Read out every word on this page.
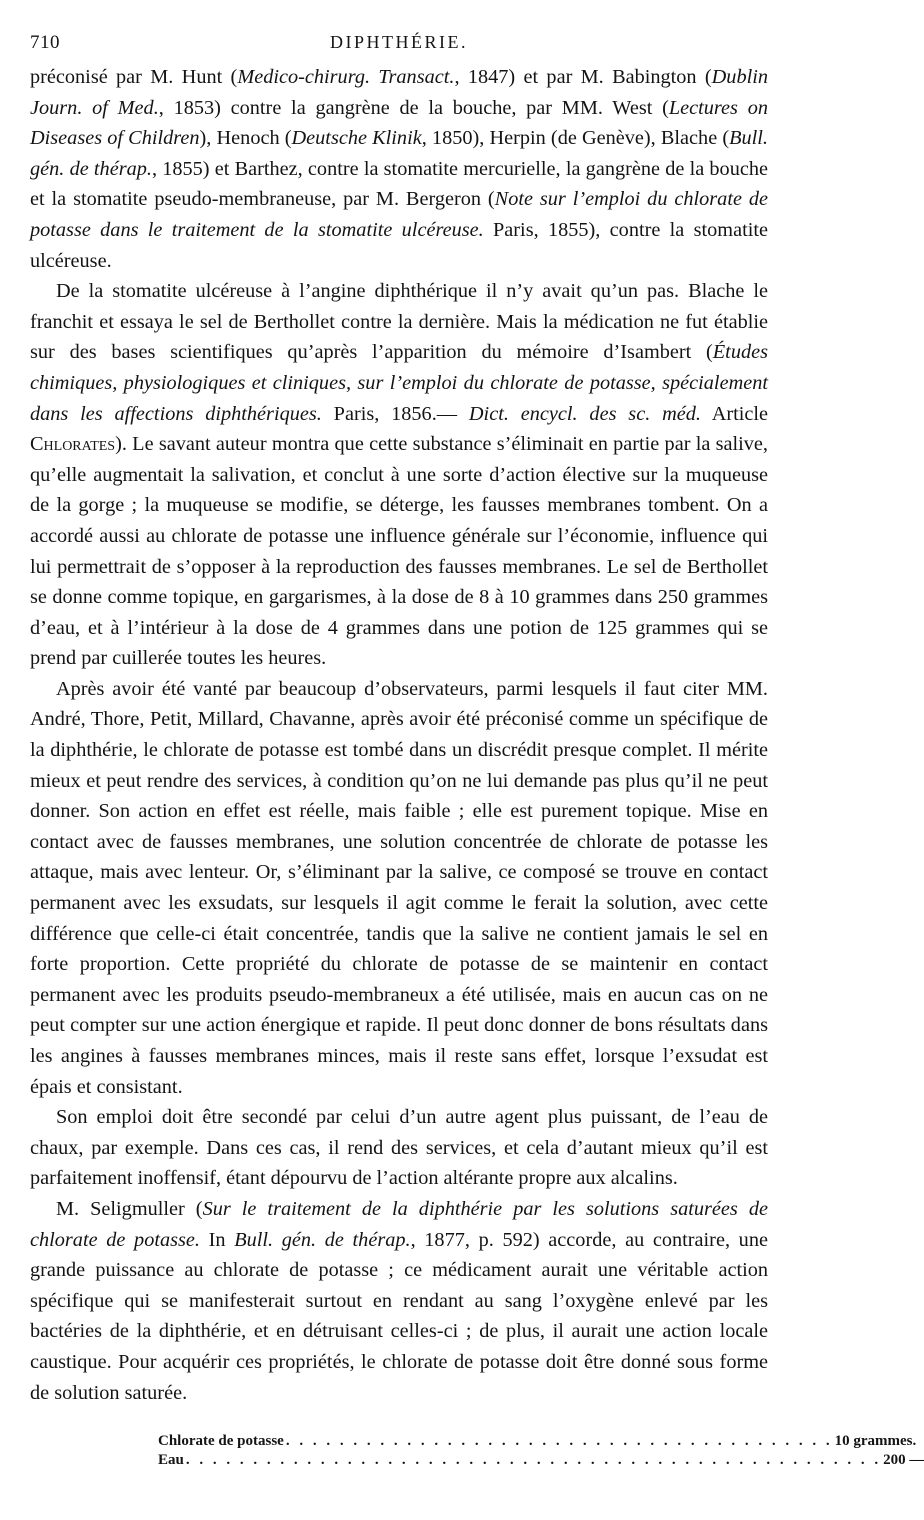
710	DIPHTHÉRIE.

préconisé par M. Hunt (Medico-chirurg. Transact., 1847) et par M. Babington (Dublin Journ. of Med., 1853) contre la gangrène de la bouche, par MM. West (Lectures on Diseases of Children), Henoch (Deutsche Klinik, 1850), Herpin (de Genève), Blache (Bull. gén. de thérap., 1855) et Barthez, contre la stomatite mercurielle, la gangrène de la bouche et la stomatite pseudo-membraneuse, par M. Bergeron (Note sur l’emploi du chlorate de potasse dans le traitement de la stomatite ulcéreuse. Paris, 1855), contre la stomatite ulcéreuse.

De la stomatite ulcéreuse à l’angine diphthérique il n’y avait qu’un pas. Blache le franchit et essaya le sel de Berthollet contre la dernière. Mais la médication ne fut établie sur des bases scientifiques qu’après l’apparition du mémoire d’Isambert (Études chimiques, physiologiques et cliniques, sur l’emploi du chlorate de potasse, spécialement dans les affections diphthériques. Paris, 1856.— Dict. encycl. des sc. méd. Article Chlorates). Le savant auteur montra que cette substance s’éliminait en partie par la salive, qu’elle augmentait la salivation, et conclut à une sorte d’action élective sur la muqueuse de la gorge ; la muqueuse se modifie, se déterge, les fausses membranes tombent. On a accordé aussi au chlorate de potasse une influence générale sur l’économie, influence qui lui permettrait de s’opposer à la reproduction des fausses membranes. Le sel de Berthollet se donne comme topique, en gargarismes, à la dose de 8 à 10 grammes dans 250 grammes d’eau, et à l’intérieur à la dose de 4 grammes dans une potion de 125 grammes qui se prend par cuillerée toutes les heures.

Après avoir été vanté par beaucoup d’observateurs, parmi lesquels il faut citer MM. André, Thore, Petit, Millard, Chavanne, après avoir été préconisé comme un spécifique de la diphthérie, le chlorate de potasse est tombé dans un discrédit presque complet. Il mérite mieux et peut rendre des services, à condition qu’on ne lui demande pas plus qu’il ne peut donner. Son action en effet est réelle, mais faible ; elle est purement topique. Mise en contact avec de fausses membranes, une solution concentrée de chlorate de potasse les attaque, mais avec lenteur. Or, s’éliminant par la salive, ce composé se trouve en contact permanent avec les exsudats, sur lesquels il agit comme le ferait la solution, avec cette différence que celle-ci était concentrée, tandis que la salive ne contient jamais le sel en forte proportion. Cette propriété du chlorate de potasse de se maintenir en contact permanent avec les produits pseudo-membraneux a été utilisée, mais en aucun cas on ne peut compter sur une action énergique et rapide. Il peut donc donner de bons résultats dans les angines à fausses membranes minces, mais il reste sans effet, lorsque l’exsudat est épais et consistant.

Son emploi doit être secondé par celui d’un autre agent plus puissant, de l’eau de chaux, par exemple. Dans ces cas, il rend des services, et cela d’autant mieux qu’il est parfaitement inoffensif, étant dépourvu de l’action altérante propre aux alcalins.

M. Seligmuller (Sur le traitement de la diphthérie par les solutions saturées de chlorate de potasse. In Bull. gén. de thérap., 1877, p. 592) accorde, au contraire, une grande puissance au chlorate de potasse ; ce médicament aurait une véritable action spécifique qui se manifesterait surtout en rendant au sang l’oxygène enlevé par les bactéries de la diphthérie, et en détruisant celles-ci ; de plus, il aurait une action locale caustique. Pour acquérir ces propriétés, le chlorate de potasse doit être donné sous forme de solution saturée.

Chlorate de potasse . . . . . . . . . . . . . . . . . . . . . . . . . . . . . . . . . . . . . . . . . 10 grammes.
Eau . . . . . . . . . . . . . . . . . . . . . . . . . . . . . . . . . . . . . . . . . . . . . . . . . . . . 200 —
